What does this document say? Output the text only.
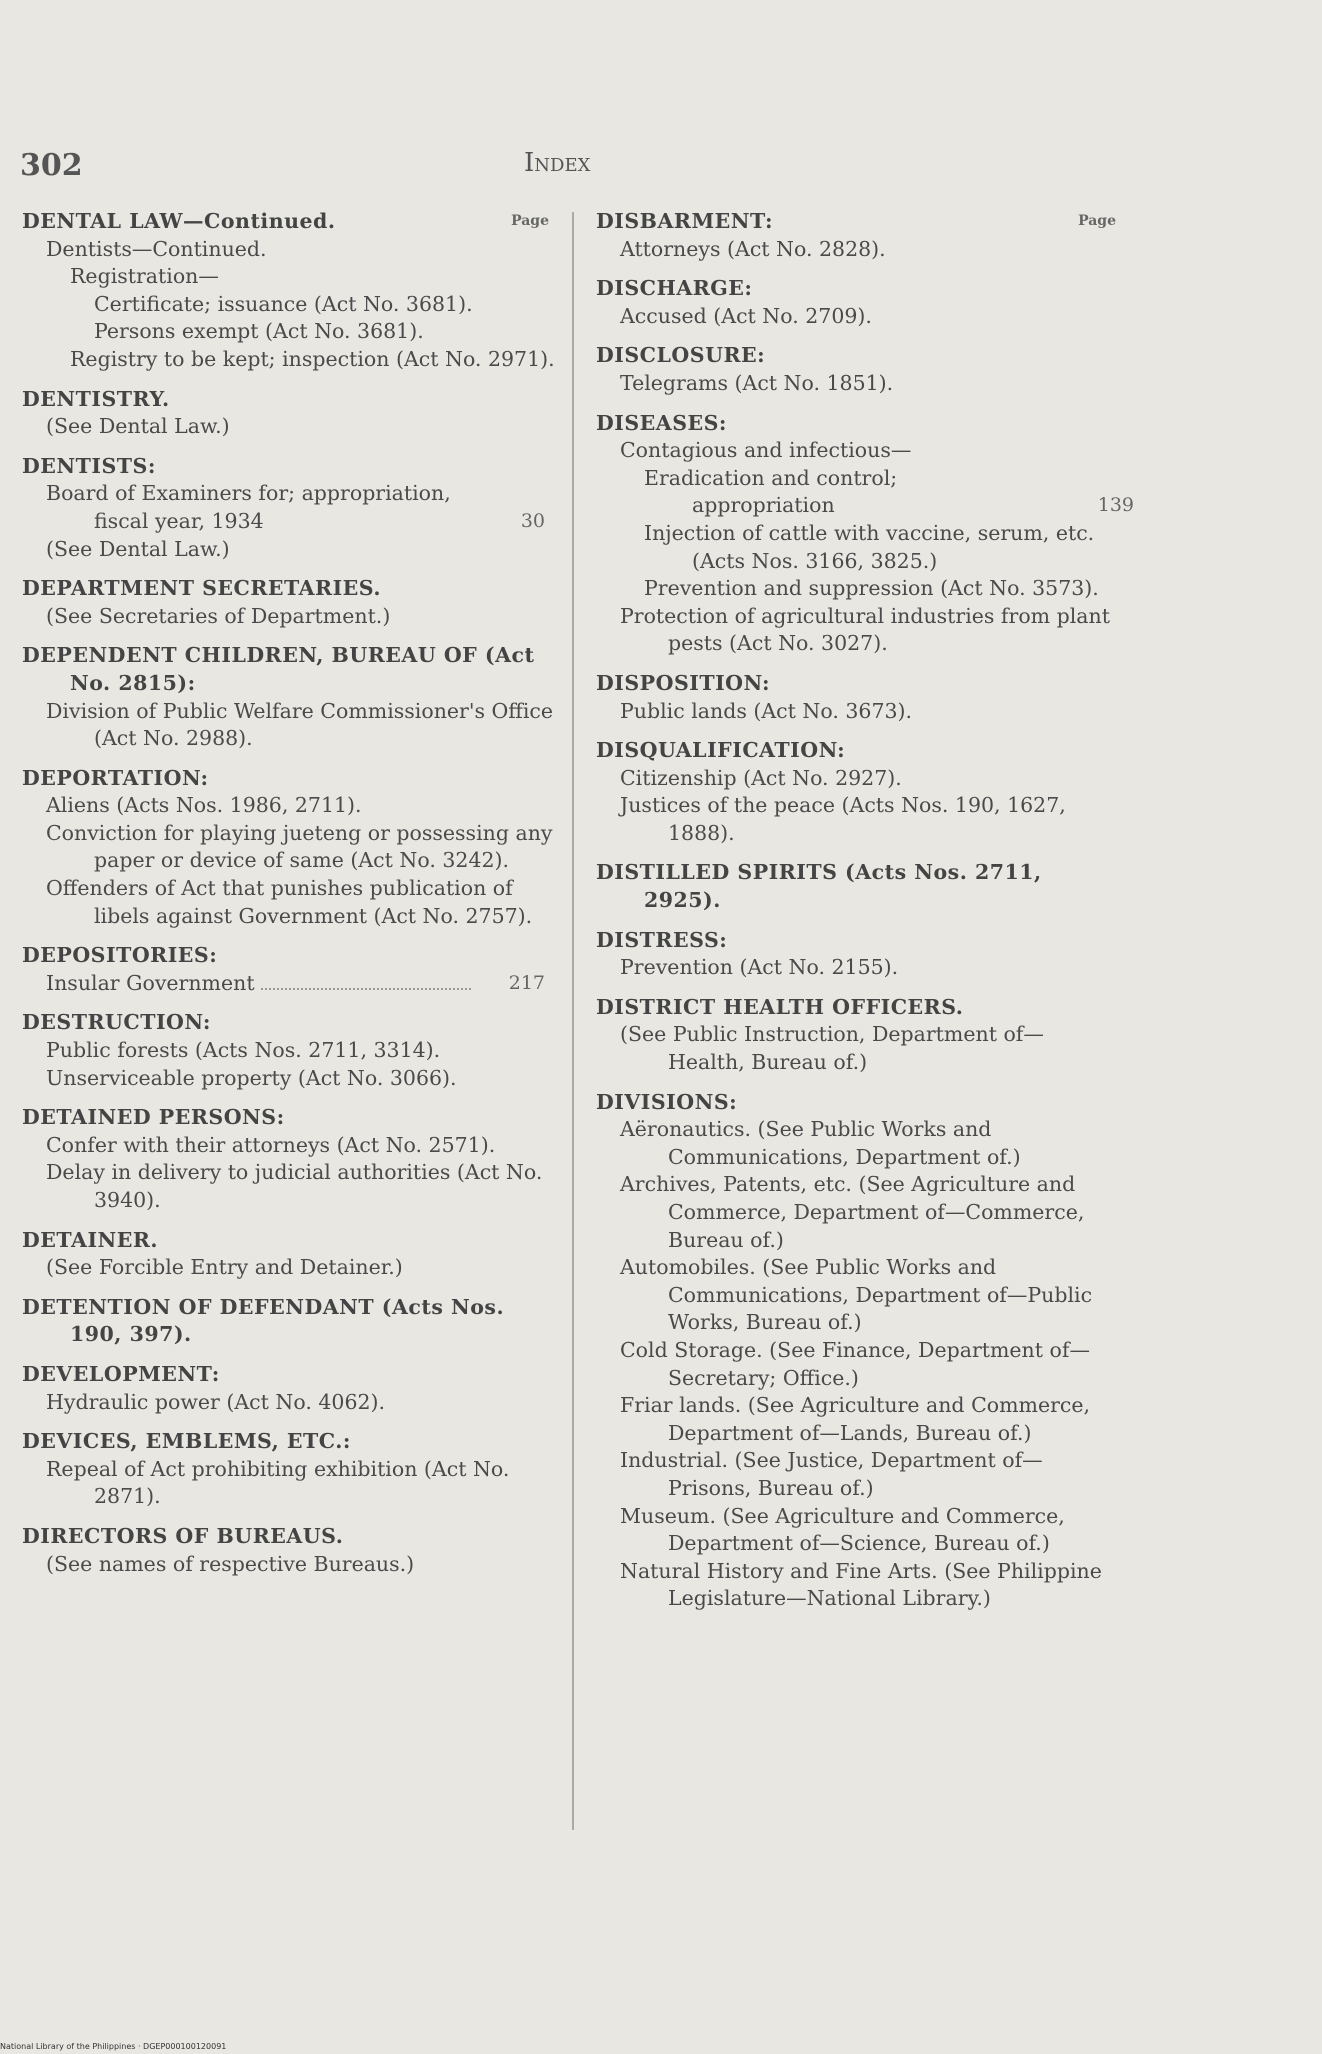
302	Index
Page
DENTAL LAW—Continued.
Dentists—Continued.
Registration—
Certificate; issuance (Act No. 3681).
Persons exempt (Act No. 3681).
Registry to be kept; inspection (Act No. 2971).
DENTISTRY.
(See Dental Law.)
DENTISTS:
Board of Examiners for; appropriation, fiscal year, 1934	30
(See Dental Law.)
DEPARTMENT SECRETARIES.
(See Secretaries of Department.)
DEPENDENT CHILDREN, BUREAU OF (Act No. 2815):
Division of Public Welfare Commissioner's Office (Act No. 2988).
DEPORTATION:
Aliens (Acts Nos. 1986, 2711).
Conviction for playing jueteng or possessing any paper or device of same (Act No. 3242).
Offenders of Act that punishes publication of libels against Government (Act No. 2757).
DEPOSITORIES:
Insular Government	217
DESTRUCTION:
Public forests (Acts Nos. 2711, 3314).
Unserviceable property (Act No. 3066).
DETAINED PERSONS:
Confer with their attorneys (Act No. 2571).
Delay in delivery to judicial authorities (Act No. 3940).
DETAINER.
(See Forcible Entry and Detainer.)
DETENTION OF DEFENDANT (Acts Nos. 190, 397).
DEVELOPMENT:
Hydraulic power (Act No. 4062).
DEVICES, EMBLEMS, ETC.:
Repeal of Act prohibiting exhibition (Act No. 2871).
DIRECTORS OF BUREAUS.
(See names of respective Bureaus.)
Page
DISBARMENT:
Attorneys (Act No. 2828).
DISCHARGE:
Accused (Act No. 2709).
DISCLOSURE:
Telegrams (Act No. 1851).
DISEASES:
Contagious and infectious—
Eradication and control; appropriation	139
Injection of cattle with vaccine, serum, etc. (Acts Nos. 3166, 3825.)
Prevention and suppression (Act No. 3573).
Protection of agricultural industries from plant pests (Act No. 3027).
DISPOSITION:
Public lands (Act No. 3673).
DISQUALIFICATION:
Citizenship (Act No. 2927).
Justices of the peace (Acts Nos. 190, 1627, 1888).
DISTILLED SPIRITS (Acts Nos. 2711, 2925).
DISTRESS:
Prevention (Act No. 2155).
DISTRICT HEALTH OFFICERS.
(See Public Instruction, Department of—Health, Bureau of.)
DIVISIONS:
Aëronautics. (See Public Works and Communications, Department of.)
Archives, Patents, etc. (See Agriculture and Commerce, Department of—Commerce, Bureau of.)
Automobiles. (See Public Works and Communications, Department of—Public Works, Bureau of.)
Cold Storage. (See Finance, Department of—Secretary; Office.)
Friar lands. (See Agriculture and Commerce, Department of—Lands, Bureau of.)
Industrial. (See Justice, Department of—Prisons, Bureau of.)
Museum. (See Agriculture and Commerce, Department of—Science, Bureau of.)
Natural History and Fine Arts. (See Philippine Legislature—National Library.)
National Library of the Philippines · DGEP000100120091
